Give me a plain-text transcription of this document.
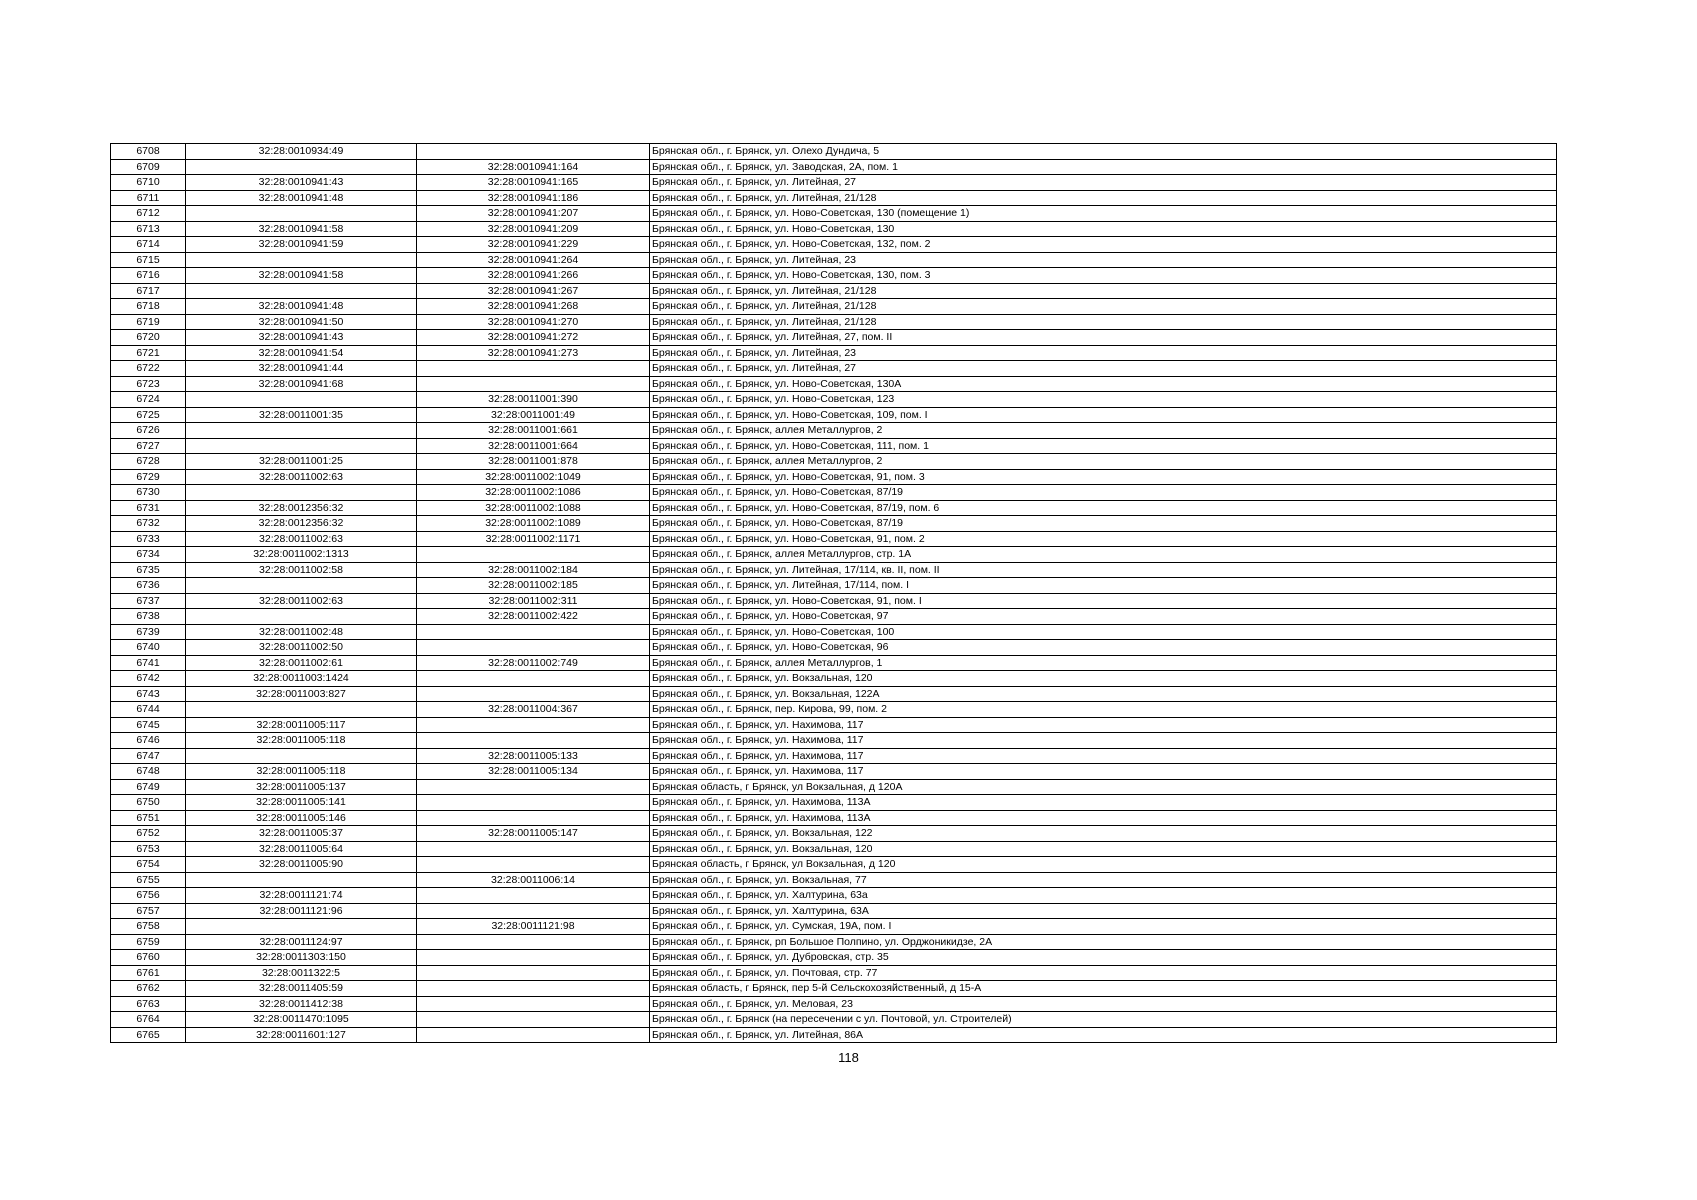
6708	32:28:0010934:49		Брянская обл., г. Брянск, ул. Олехо Дундича, 5
6709		32:28:0010941:164	Брянская обл., г. Брянск, ул. Заводская, 2А, пом. 1
6710	32:28:0010941:43	32:28:0010941:165	Брянская обл., г. Брянск, ул. Литейная, 27
6711	32:28:0010941:48	32:28:0010941:186	Брянская обл., г. Брянск, ул. Литейная, 21/128
6712		32:28:0010941:207	Брянская обл., г. Брянск, ул. Ново-Советская, 130 (помещение 1)
6713	32:28:0010941:58	32:28:0010941:209	Брянская обл., г. Брянск, ул. Ново-Советская, 130
6714	32:28:0010941:59	32:28:0010941:229	Брянская обл., г. Брянск, ул. Ново-Советская, 132, пом. 2
6715		32:28:0010941:264	Брянская обл., г. Брянск, ул. Литейная, 23
6716	32:28:0010941:58	32:28:0010941:266	Брянская обл., г. Брянск, ул. Ново-Советская, 130, пом. 3
6717		32:28:0010941:267	Брянская обл., г. Брянск, ул. Литейная, 21/128
6718	32:28:0010941:48	32:28:0010941:268	Брянская обл., г. Брянск, ул. Литейная, 21/128
6719	32:28:0010941:50	32:28:0010941:270	Брянская обл., г. Брянск, ул. Литейная, 21/128
6720	32:28:0010941:43	32:28:0010941:272	Брянская обл., г. Брянск, ул. Литейная, 27, пом. II
6721	32:28:0010941:54	32:28:0010941:273	Брянская обл., г. Брянск, ул. Литейная, 23
6722	32:28:0010941:44		Брянская обл., г. Брянск, ул. Литейная, 27
6723	32:28:0010941:68		Брянская обл., г. Брянск, ул. Ново-Советская, 130А
6724		32:28:0011001:390	Брянская обл., г. Брянск, ул. Ново-Советская, 123
6725	32:28:0011001:35	32:28:0011001:49	Брянская обл., г. Брянск, ул. Ново-Советская, 109, пом. I
6726		32:28:0011001:661	Брянская обл., г. Брянск, аллея Металлургов, 2
6727		32:28:0011001:664	Брянская обл., г. Брянск, ул. Ново-Советская, 111, пом. 1
6728	32:28:0011001:25	32:28:0011001:878	Брянская обл., г. Брянск, аллея Металлургов, 2
6729	32:28:0011002:63	32:28:0011002:1049	Брянская обл., г. Брянск, ул. Ново-Советская, 91, пом. 3
6730		32:28:0011002:1086	Брянская обл., г. Брянск, ул. Ново-Советская, 87/19
6731	32:28:0012356:32	32:28:0011002:1088	Брянская обл., г. Брянск, ул. Ново-Советская, 87/19, пом. 6
6732	32:28:0012356:32	32:28:0011002:1089	Брянская обл., г. Брянск, ул. Ново-Советская, 87/19
6733	32:28:0011002:63	32:28:0011002:1171	Брянская обл., г. Брянск, ул. Ново-Советская, 91, пом. 2
6734	32:28:0011002:1313		Брянская обл., г. Брянск, аллея Металлургов, стр. 1А
6735	32:28:0011002:58	32:28:0011002:184	Брянская обл., г. Брянск, ул. Литейная, 17/114, кв. II, пом. II
6736		32:28:0011002:185	Брянская обл., г. Брянск, ул. Литейная, 17/114, пом. I
6737	32:28:0011002:63	32:28:0011002:311	Брянская обл., г. Брянск, ул. Ново-Советская, 91, пом. I
6738		32:28:0011002:422	Брянская обл., г. Брянск, ул. Ново-Советская, 97
6739	32:28:0011002:48		Брянская обл., г. Брянск, ул. Ново-Советская, 100
6740	32:28:0011002:50		Брянская обл., г. Брянск, ул. Ново-Советская, 96
6741	32:28:0011002:61	32:28:0011002:749	Брянская обл., г. Брянск, аллея Металлургов, 1
6742	32:28:0011003:1424		Брянская обл., г. Брянск, ул. Вокзальная, 120
6743	32:28:0011003:827		Брянская обл., г. Брянск, ул. Вокзальная, 122А
6744		32:28:0011004:367	Брянская обл., г. Брянск, пер. Кирова, 99, пом. 2
6745	32:28:0011005:117		Брянская обл., г. Брянск, ул. Нахимова, 117
6746	32:28:0011005:118		Брянская обл., г. Брянск, ул. Нахимова, 117
6747		32:28:0011005:133	Брянская обл., г. Брянск, ул. Нахимова, 117
6748	32:28:0011005:118	32:28:0011005:134	Брянская обл., г. Брянск, ул. Нахимова, 117
6749	32:28:0011005:137		Брянская область, г Брянск, ул Вокзальная, д 120А
6750	32:28:0011005:141		Брянская обл., г. Брянск, ул. Нахимова, 113А
6751	32:28:0011005:146		Брянская обл., г. Брянск, ул. Нахимова, 113А
6752	32:28:0011005:37	32:28:0011005:147	Брянская обл., г. Брянск, ул. Вокзальная, 122
6753	32:28:0011005:64		Брянская обл., г. Брянск, ул. Вокзальная, 120
6754	32:28:0011005:90		Брянская область, г Брянск, ул Вокзальная, д 120
6755		32:28:0011006:14	Брянская обл., г. Брянск, ул. Вокзальная, 77
6756	32:28:0011121:74		Брянская обл., г. Брянск, ул. Халтурина, 63а
6757	32:28:0011121:96		Брянская обл., г. Брянск, ул. Халтурина, 63А
6758		32:28:0011121:98	Брянская обл., г. Брянск, ул. Сумская, 19А, пом. I
6759	32:28:0011124:97		Брянская обл., г. Брянск, рп Большое Полпино, ул. Орджоникидзе, 2А
6760	32:28:0011303:150		Брянская обл., г. Брянск, ул. Дубровская, стр. 35
6761	32:28:0011322:5		Брянская обл., г. Брянск, ул. Почтовая, стр. 77
6762	32:28:0011405:59		Брянская область, г Брянск, пер 5-й Сельскохозяйственный, д 15-А
6763	32:28:0011412:38		Брянская обл., г. Брянск, ул. Меловая, 23
6764	32:28:0011470:1095		Брянская обл., г. Брянск (на пересечении с ул. Почтовой, ул. Строителей)
6765	32:28:0011601:127		Брянская обл., г. Брянск, ул. Литейная, 86А
118
